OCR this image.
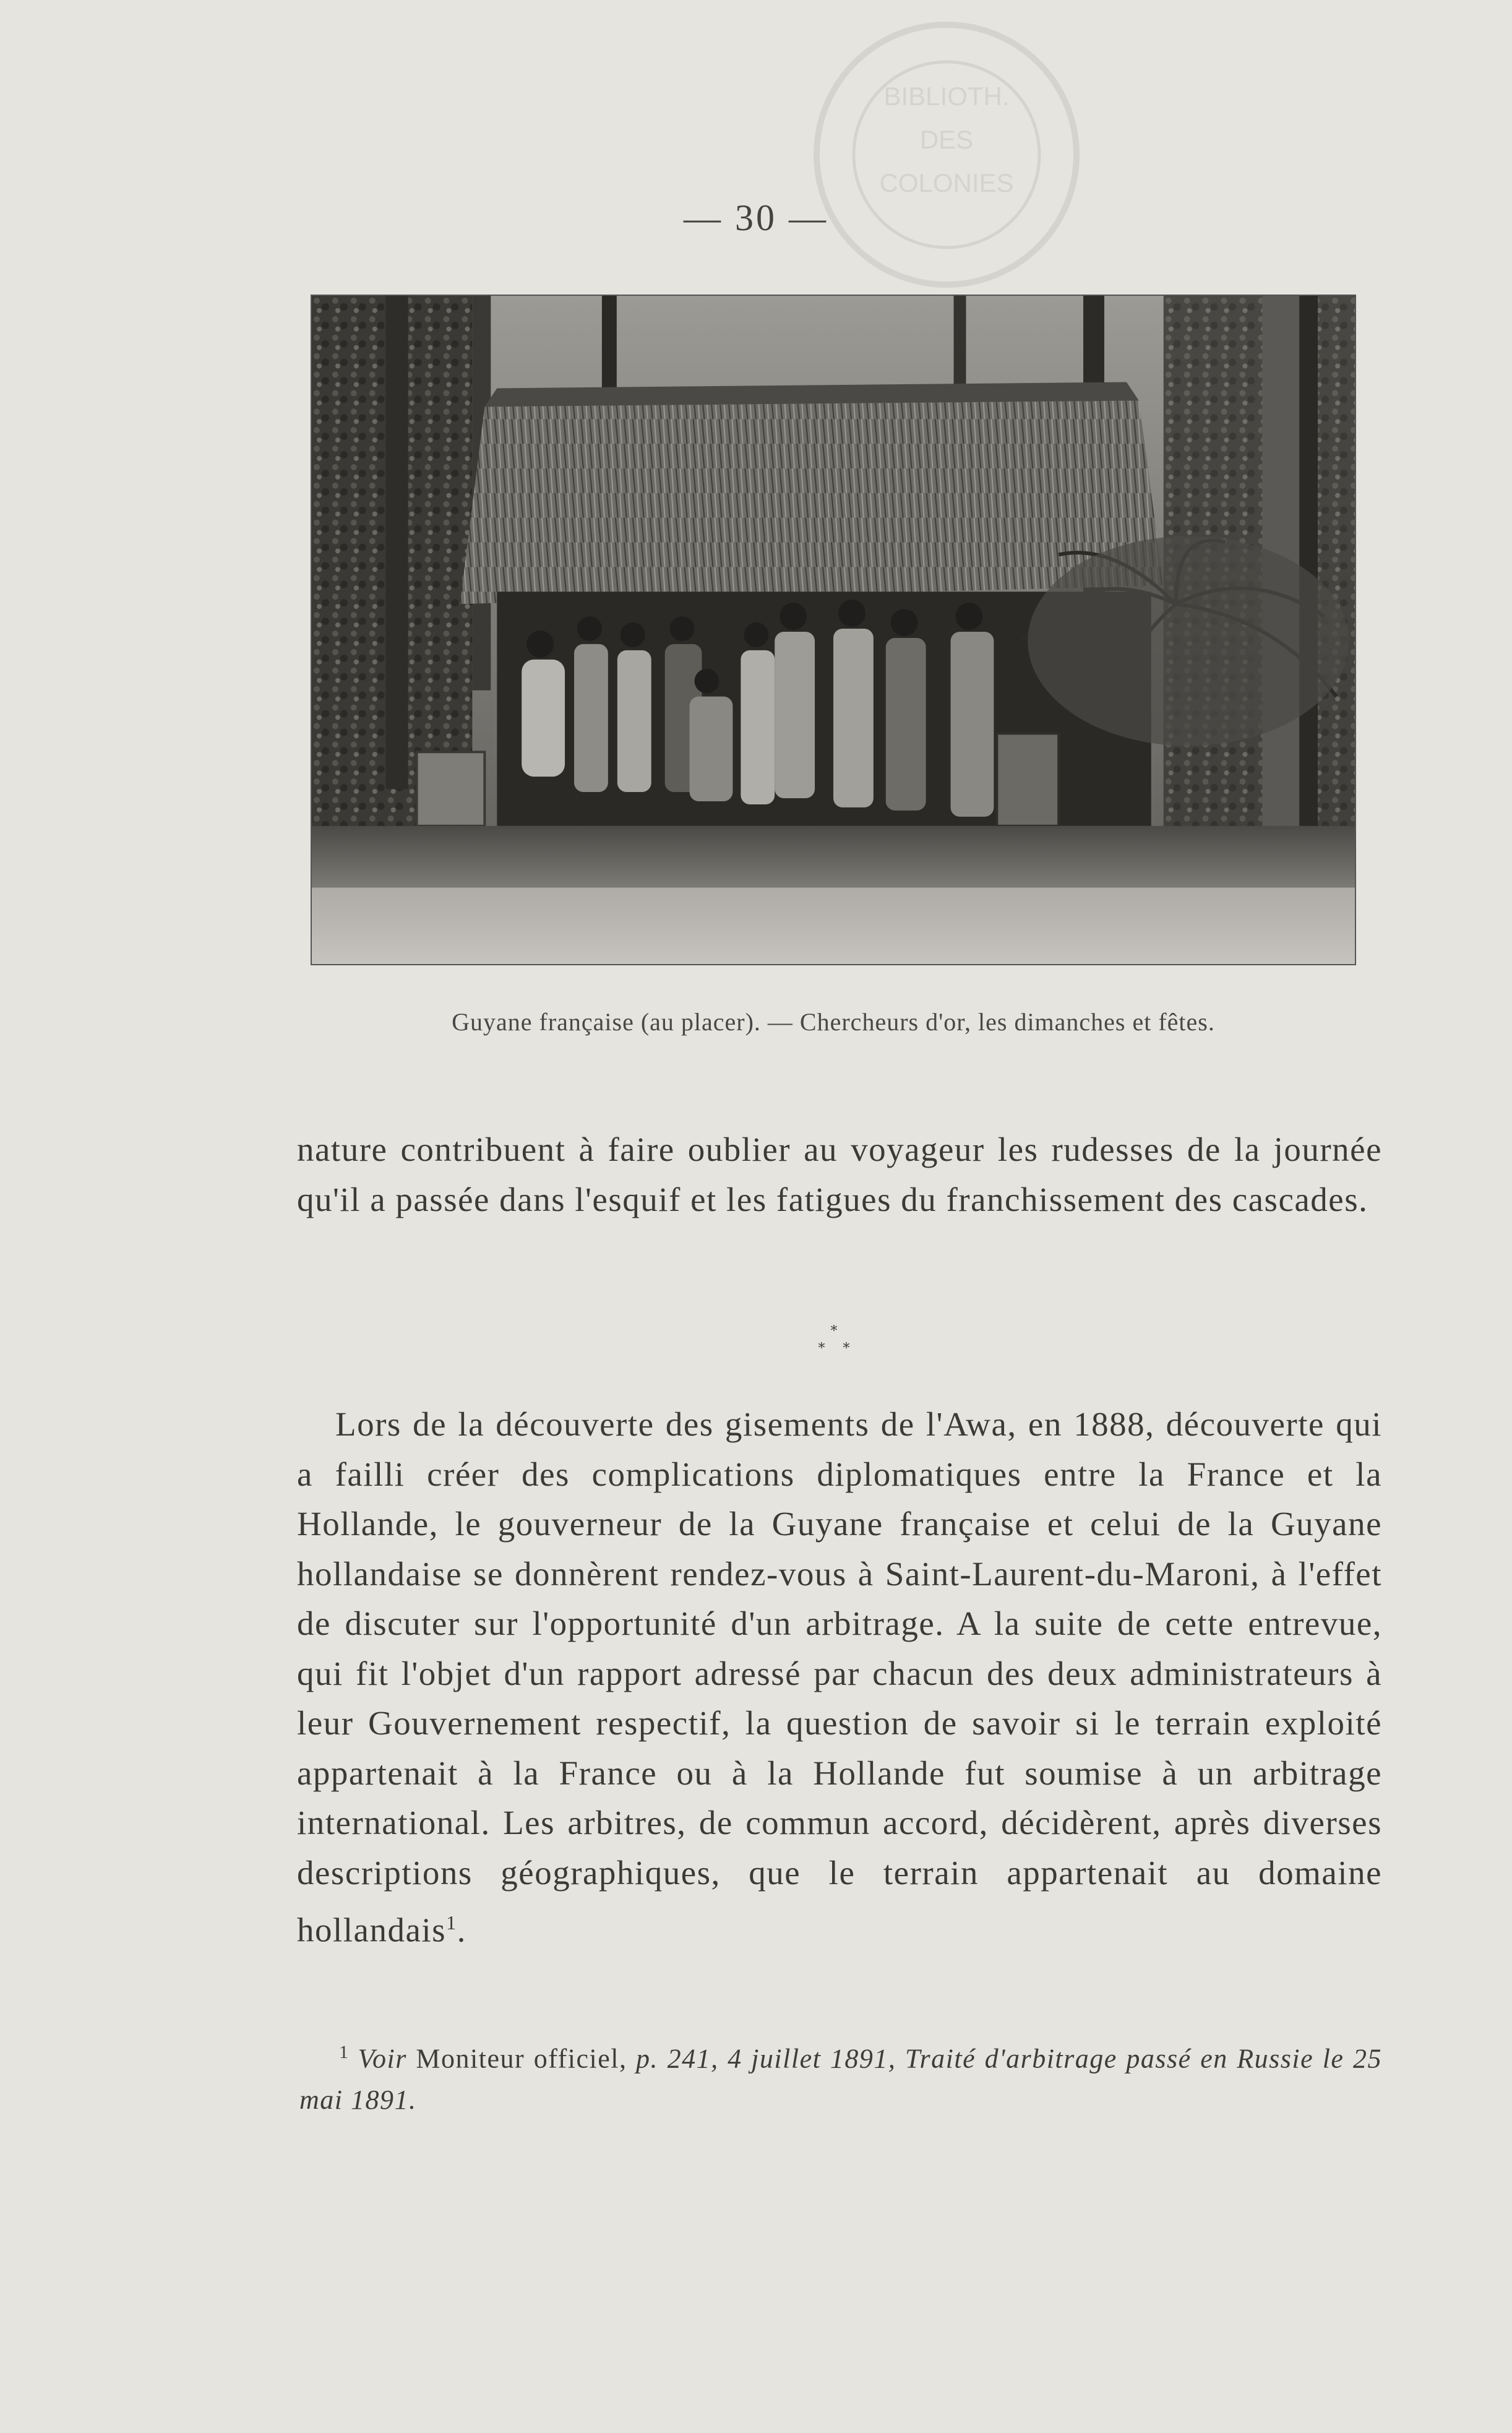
BIBLIOTH.
DES
COLONIES
— 30 —
Guyane française (au placer). — Chercheurs d'or, les dimanches et fêtes.
nature contribuent à faire oublier au voyageur les rudesses de la journée qu'il a passée dans l'esquif et les fatigues du franchissement des cascades.
*
* *
Lors de la découverte des gisements de l'Awa, en 1888, découverte qui a failli créer des complications diplomatiques entre la France et la Hollande, le gouverneur de la Guyane française et celui de la Guyane hollandaise se donnèrent rendez-vous à Saint-Laurent-du-Maroni, à l'effet de discuter sur l'opportunité d'un arbitrage. A la suite de cette entrevue, qui fit l'objet d'un rapport adressé par chacun des deux administrateurs à leur Gouvernement respectif, la question de savoir si le terrain exploité appartenait à la France ou à la Hollande fut soumise à un arbitrage international. Les arbitres, de commun accord, décidèrent, après diverses descriptions géographiques, que le terrain appartenait au domaine hollandais$^1$.
$^1$ Voir Moniteur officiel, p. 241, 4 juillet 1891, Traité d'arbitrage passé en Russie le 25 mai 1891.
